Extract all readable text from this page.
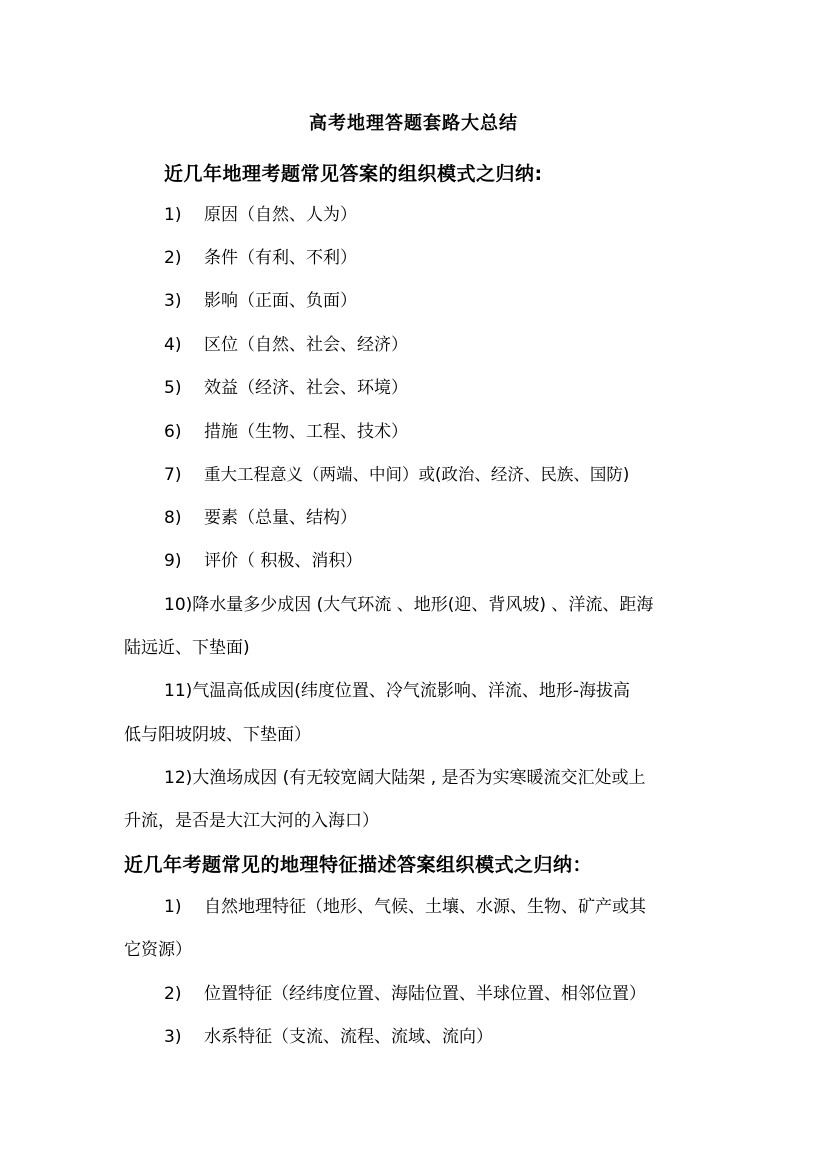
高考地理答题套路大总结
近几年地理考题常见答案的组织模式之归纳:
1) 原因（自然、人为）
2) 条件（有利、不利）
3) 影响（正面、负面）
4) 区位（自然、社会、经济）
5) 效益（经济、社会、环境）
6) 措施（生物、工程、技术）
7) 重大工程意义（两端、中间）或(政治、经济、民族、国防)
8) 要素（总量、结构）
9) 评价（ 积极、消积）
10)降水量多少成因 (大气环流 、地形(迎、背风坡) 、洋流、距海
陆远近、下垫面)
11)气温高低成因(纬度位置、冷气流影响、洋流、地形-海拔高
低与阳坡阴坡、下垫面）
12)大渔场成因 (有无较宽阔大陆架 , 是否为实寒暖流交汇处或上
升流，是否是大江大河的入海口）
近几年考题常见的地理特征描述答案组织模式之归纳：
1) 自然地理特征（地形、气候、土壤、水源、生物、矿产或其
它资源）
2) 位置特征（经纬度位置、海陆位置、半球位置、相邻位置）
3) 水系特征（支流、流程、流域、流向）
